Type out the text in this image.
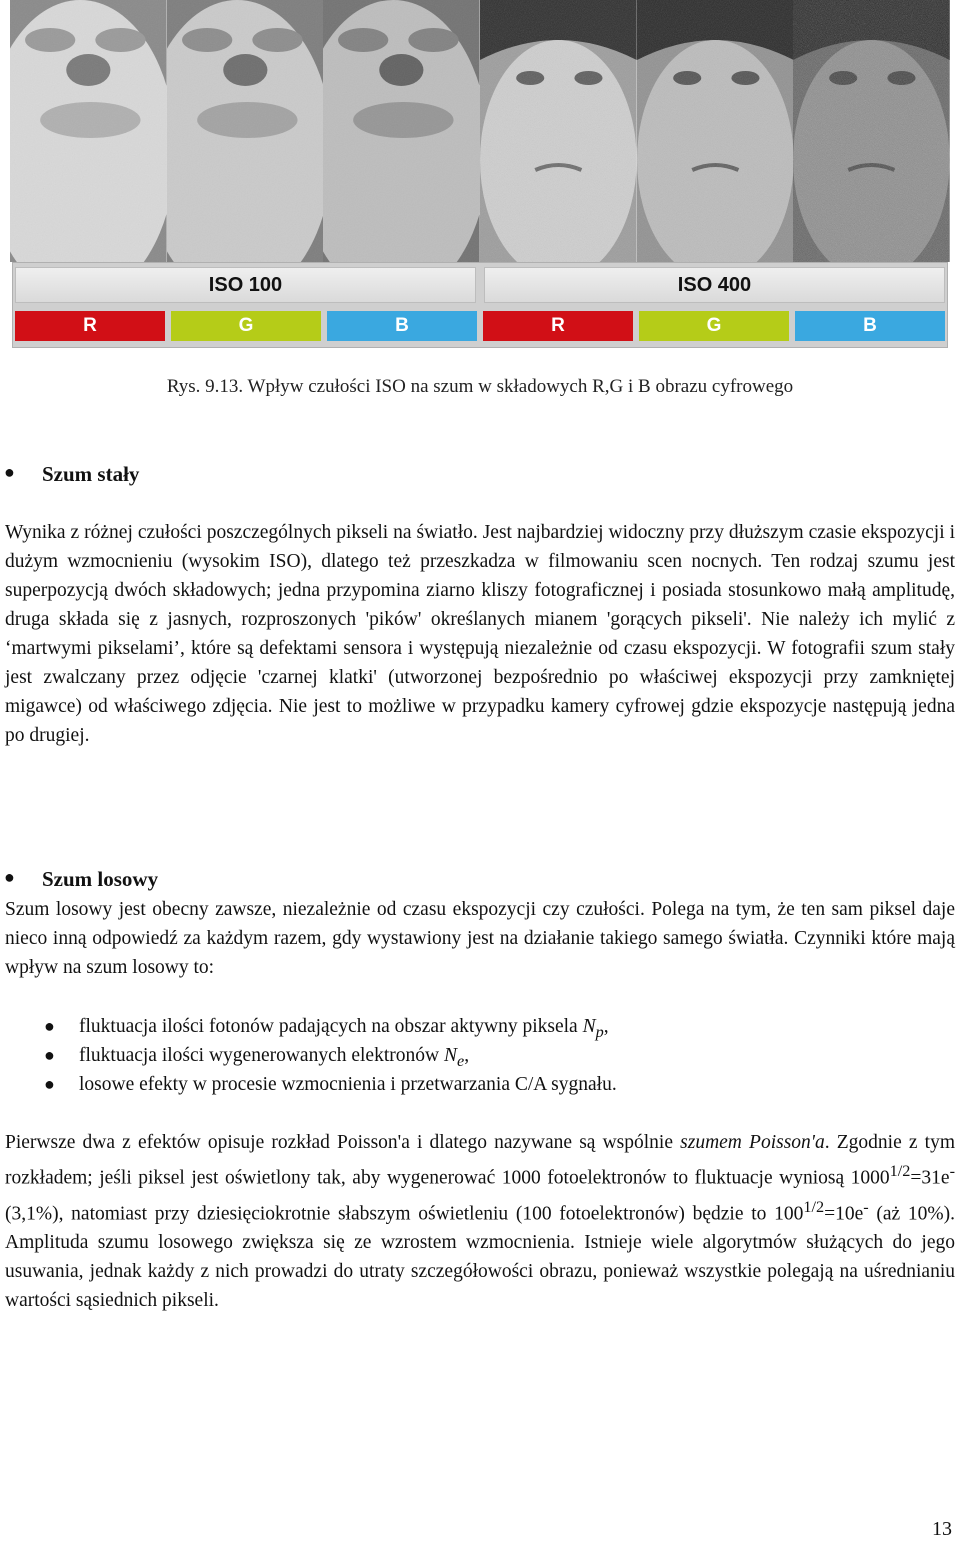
ISO 100	ISO 400
R	G	B	R	G	B
Rys. 9.13. Wpływ czułości ISO na szum w składowych R,G i B obrazu cyfrowego
● Szum stały

Wynika z różnej czułości poszczególnych pikseli na światło. Jest najbardziej widoczny przy dłuższym czasie ekspozycji i dużym wzmocnieniu (wysokim ISO), dlatego też przeszkadza w filmowaniu scen nocnych. Ten rodzaj szumu jest superpozycją dwóch składowych; jedna przypomina ziarno kliszy fotograficznej i posiada stosunkowo małą amplitudę, druga składa się z jasnych, rozproszonych 'pików' określanych mianem 'gorących pikseli'. Nie należy ich mylić z ‘martwymi pikselami’, które są defektami sensora i występują niezależnie od czasu ekspozycji. W fotografii szum stały jest zwalczany przez odjęcie 'czarnej klatki' (utworzonej bezpośrednio po właściwej ekspozycji przy zamkniętej migawce) od właściwego zdjęcia. Nie jest to możliwe w przypadku kamery cyfrowej gdzie ekspozycje następują jedna po drugiej.

● Szum losowy

Szum losowy jest obecny zawsze, niezależnie od czasu ekspozycji czy czułości. Polega na tym, że ten sam piksel daje nieco inną odpowiedź za każdym razem, gdy wystawiony jest na działanie takiego samego światła. Czynniki które mają wpływ na szum losowy to:

● fluktuacja ilości fotonów padających na obszar aktywny piksela $N_p$,
● fluktuacja ilości wygenerowanych elektronów $N_e$,
● losowe efekty w procesie wzmocnienia i przetwarzania C/A sygnału.

Pierwsze dwa z efektów opisuje rozkład Poisson'a i dlatego nazywane są wspólnie szumem Poisson'a. Zgodnie z tym rozkładem; jeśli piksel jest oświetlony tak, aby wygenerować 1000 fotoelektronów to fluktuacje wyniosą $1000^{1/2}=31e^-$ (3,1%), natomiast przy dziesięciokrotnie słabszym oświetleniu (100 fotoelektronów) będzie to $100^{1/2}=10e^-$ (aż 10%). Amplituda szumu losowego zwiększa się ze wzrostem wzmocnienia. Istnieje wiele algorytmów służących do jego usuwania, jednak każdy z nich prowadzi do utraty szczegółowości obrazu, ponieważ wszystkie polegają na uśrednianiu wartości sąsiednich pikseli.

13
